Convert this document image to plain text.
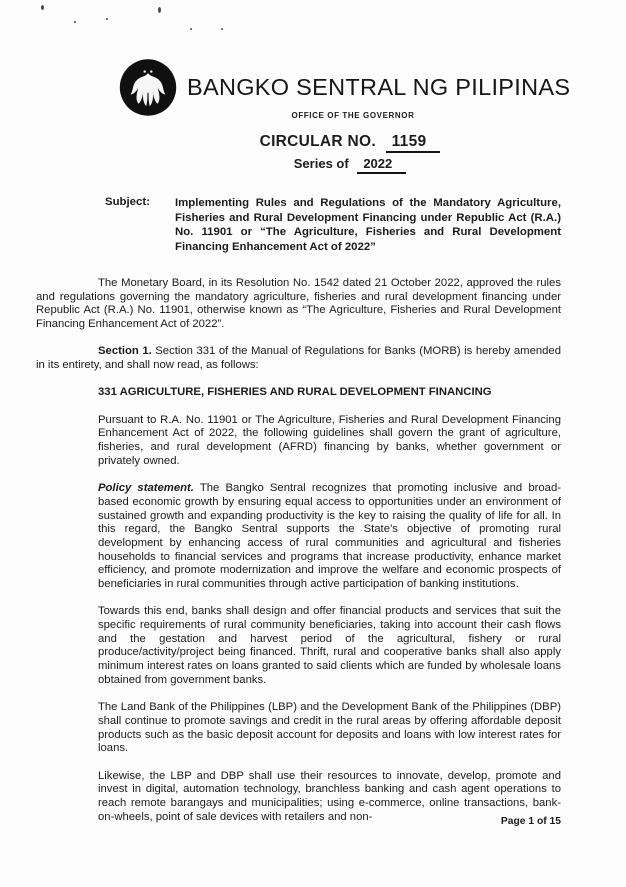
BANGKO SENTRAL NG PILIPINAS
OFFICE OF THE GOVERNOR
CIRCULAR NO. 1159
Series of 2022
Subject:	Implementing Rules and Regulations of the Mandatory Agriculture, Fisheries and Rural Development Financing under Republic Act (R.A.) No. 11901 or “The Agriculture, Fisheries and Rural Development Financing Enhancement Act of 2022”

The Monetary Board, in its Resolution No. 1542 dated 21 October 2022, approved the rules and regulations governing the mandatory agriculture, fisheries and rural development financing under Republic Act (R.A.) No. 11901, otherwise known as “The Agriculture, Fisheries and Rural Development Financing Enhancement Act of 2022”.

Section 1. Section 331 of the Manual of Regulations for Banks (MORB) is hereby amended in its entirety, and shall now read, as follows:

331 AGRICULTURE, FISHERIES AND RURAL DEVELOPMENT FINANCING

Pursuant to R.A. No. 11901 or The Agriculture, Fisheries and Rural Development Financing Enhancement Act of 2022, the following guidelines shall govern the grant of agriculture, fisheries, and rural development (AFRD) financing by banks, whether government or privately owned.

Policy statement. The Bangko Sentral recognizes that promoting inclusive and broad-based economic growth by ensuring equal access to opportunities under an environment of sustained growth and expanding productivity is the key to raising the quality of life for all. In this regard, the Bangko Sentral supports the State’s objective of promoting rural development by enhancing access of rural communities and agricultural and fisheries households to financial services and programs that increase productivity, enhance market efficiency, and promote modernization and improve the welfare and economic prospects of beneficiaries in rural communities through active participation of banking institutions.

Towards this end, banks shall design and offer financial products and services that suit the specific requirements of rural community beneficiaries, taking into account their cash flows and the gestation and harvest period of the agricultural, fishery or rural produce/activity/project being financed. Thrift, rural and cooperative banks shall also apply minimum interest rates on loans granted to said clients which are funded by wholesale loans obtained from government banks.

The Land Bank of the Philippines (LBP) and the Development Bank of the Philippines (DBP) shall continue to promote savings and credit in the rural areas by offering affordable deposit products such as the basic deposit account for deposits and loans with low interest rates for loans.

Likewise, the LBP and DBP shall use their resources to innovate, develop, promote and invest in digital, automation technology, branchless banking and cash agent operations to reach remote barangays and municipalities; using e-commerce, online transactions, bank-on-wheels, point of sale devices with retailers and non-	Page 1 of 15
